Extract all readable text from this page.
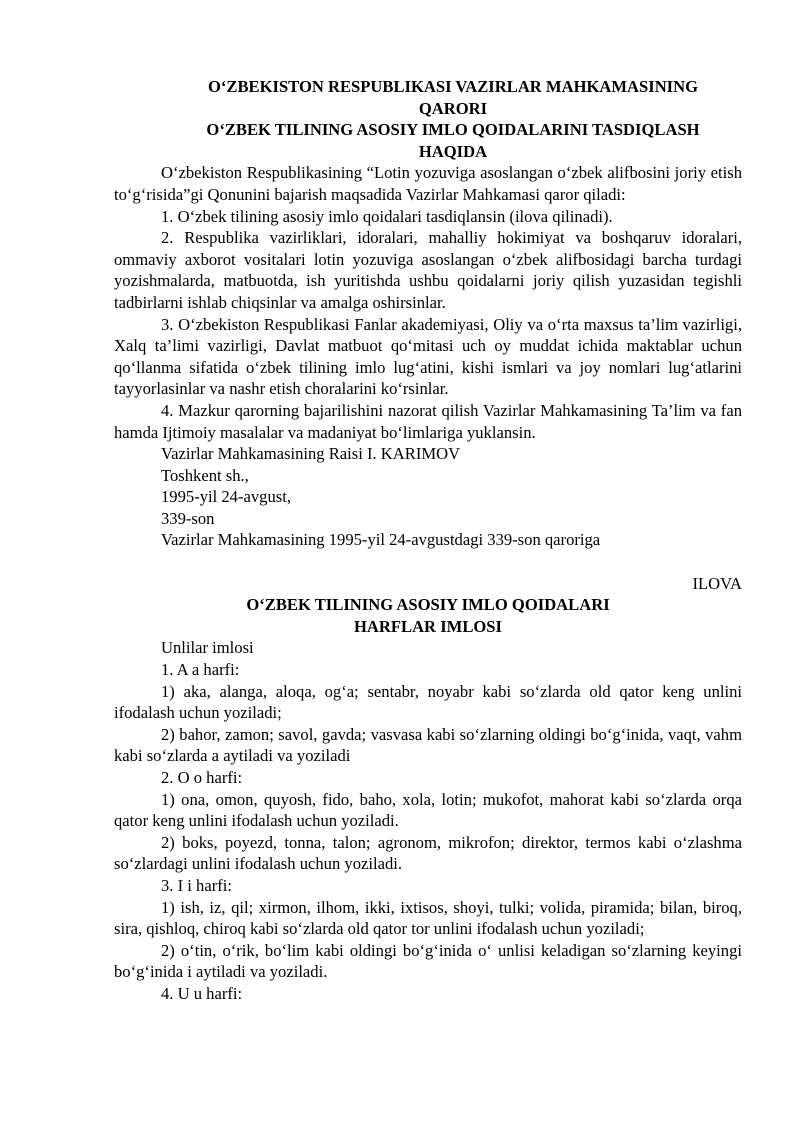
O‘ZBEKISTON RESPUBLIKASI VAZIRLAR MAHKAMASINING

QARORI

O‘ZBEK TILINING ASOSIY IMLO QOIDALARINI TASDIQLASH

HAQIDA

O‘zbekiston Respublikasining “Lotin yozuviga asoslangan o‘zbek alifbosini joriy etish to‘g‘risida”gi Qonunini bajarish maqsadida Vazirlar Mahkamasi qaror qiladi:

1. O‘zbek tilining asosiy imlo qoidalari tasdiqlansin (ilova qilinadi).

2. Respublika vazirliklari, idoralari, mahalliy hokimiyat va boshqaruv idoralari, ommaviy axborot vositalari lotin yozuviga asoslangan o‘zbek alifbosidagi barcha turdagi yozishmalarda, matbuotda, ish yuritishda ushbu qoidalarni joriy qilish yuzasidan tegishli tadbirlarni ishlab chiqsinlar va amalga oshirsinlar.

3. O‘zbekiston Respublikasi Fanlar akademiyasi, Oliy va o‘rta maxsus ta’lim vazirligi, Xalq ta’limi vazirligi, Davlat matbuot qo‘mitasi uch oy muddat ichida maktablar uchun qo‘llanma sifatida o‘zbek tilining imlo lug‘atini, kishi ismlari va joy nomlari lug‘atlarini tayyorlasinlar va nashr etish choralarini ko‘rsinlar.

4. Mazkur qarorning bajarilishini nazorat qilish Vazirlar Mahkamasining Ta’lim va fan hamda Ijtimoiy masalalar va madaniyat bo‘limlariga yuklansin.

Vazirlar Mahkamasining Raisi I. KARIMOV

Toshkent sh.,

1995-yil 24-avgust,

339-son

Vazirlar Mahkamasining 1995-yil 24-avgustdagi 339-son qaroriga

ILOVA

O‘ZBEK TILINING ASOSIY IMLO QOIDALARI

HARFLAR IMLOSI

Unlilar imlosi

1. A a harfi:

1) aka, alanga, aloqa, og‘a; sentabr, noyabr kabi so‘zlarda old qator keng unlini ifodalash uchun yoziladi;

2) bahor, zamon; savol, gavda; vasvasa kabi so‘zlarning oldingi bo‘g‘inida, vaqt, vahm kabi so‘zlarda a aytiladi va yoziladi

2. O o harfi:

1) ona, omon, quyosh, fido, baho, xola, lotin; mukofot, mahorat kabi so‘zlarda orqa qator keng unlini ifodalash uchun yoziladi.

2) boks, poyezd, tonna, talon; agronom, mikrofon; direktor, termos kabi o‘zlashma so‘zlardagi unlini ifodalash uchun yoziladi.

3. I i harfi:

1) ish, iz, qil; xirmon, ilhom, ikki, ixtisos, shoyi, tulki; volida, piramida; bilan, biroq, sira, qishloq, chiroq kabi so‘zlarda old qator tor unlini ifodalash uchun yoziladi;

2) o‘tin, o‘rik, bo‘lim kabi oldingi bo‘g‘inida o‘ unlisi keladigan so‘zlarning keyingi bo‘g‘inida i aytiladi va yoziladi.

4. U u harfi:
